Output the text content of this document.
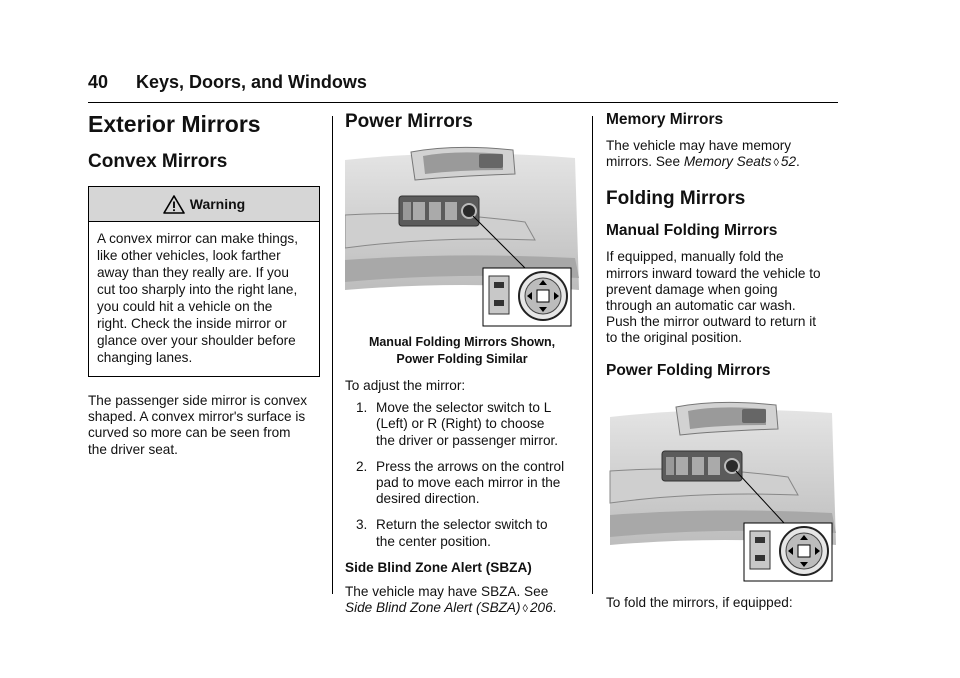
40 Keys, Doors, and Windows
Exterior Mirrors
Convex Mirrors
Warning
A convex mirror can make things,
like other vehicles, look farther
away than they really are. If you
cut too sharply into the right lane,
you could hit a vehicle on the
right. Check the inside mirror or
glance over your shoulder before
changing lanes.
The passenger side mirror is convex
shaped. A convex mirror's surface is
curved so more can be seen from
the driver seat.
Power Mirrors
Manual Folding Mirrors Shown,
Power Folding Similar

To adjust the mirror:

1. Move the selector switch to L
(Left) or R (Right) to choose
the driver or passenger mirror.
2. Press the arrows on the control
pad to move each mirror in the
desired direction.
3. Return the selector switch to
the center position.

Side Blind Zone Alert (SBZA)

The vehicle may have SBZA. See
Side Blind Zone Alert (SBZA) ◊ 206.
Memory Mirrors
The vehicle may have memory
mirrors. See Memory Seats ◊ 52.
Folding Mirrors
Manual Folding Mirrors
If equipped, manually fold the
mirrors inward toward the vehicle to
prevent damage when going
through an automatic car wash.
Push the mirror outward to return it
to the original position.
Power Folding Mirrors

To fold the mirrors, if equipped:
